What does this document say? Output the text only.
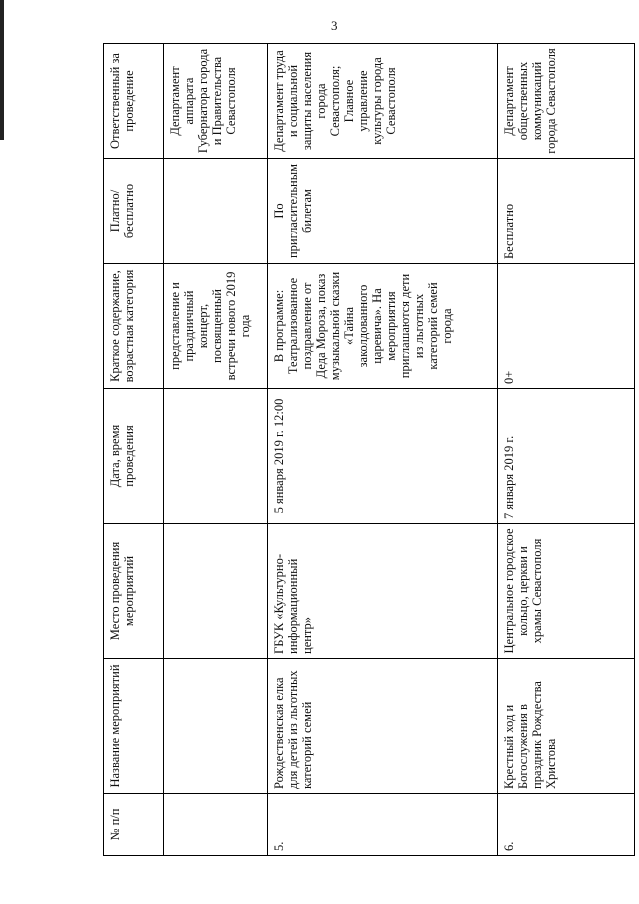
3
№ п/п	Название мероприятий	Место проведения мероприятий	Дата, время проведения	Краткое содержание, возрастная категория	Платно/ бесплатно	Ответственный за проведение
				представление и праздничный концерт, посвященный встречи нового 2019 года		Департамент аппарата Губернатора города и Правительства Севастополя
5.	Рождественская елка для детей из льготных категорий семей	ГБУК «Культурно-информационный центр»	5 января 2019 г. 12:00	В программе: Театрализованное поздравление от Деда Мороза, показ музыкальной сказки «Тайна заколдованного царевича». На мероприятия приглашаются дети из льготных категорий семей города	По пригласительным билетам	Департамент труда и социальной защиты населения города Севастополя; Главное управление культуры города Севастополя
6.	Крестный ход и Богослужения в праздник Рождества Христова	Центральное городское кольцо, церкви и храмы Севастополя	7 января 2019 г.	0+	Бесплатно	Департамент общественных коммуникаций города Севастополя
